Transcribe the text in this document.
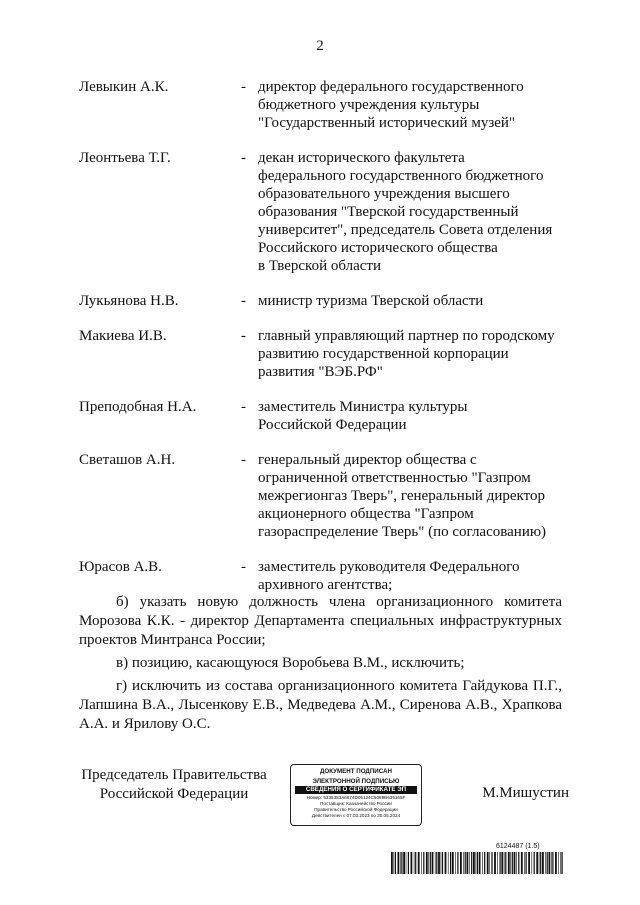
2
Левыкин А.К.	- директор федерального государственного
бюджетного учреждения культуры
"Государственный исторический музей"
Леонтьева Т.Г.	- декан исторического факультета
федерального государственного бюджетного
образовательного учреждения высшего
образования "Тверской государственный
университет", председатель Совета отделения
Российского исторического общества
в Тверской области
Лукьянова Н.В.	- министр туризма Тверской области
Макиева И.В.	- главный управляющий партнер по городскому
развитию государственной корпорации
развития "ВЭБ.РФ"
Преподобная Н.А.	- заместитель Министра культуры
Российской Федерации
Светашов А.Н.	- генеральный директор общества с
ограниченной ответственностью "Газпром
межрегионгаз Тверь", генеральный директор
акционерного общества "Газпром
газораспределение Тверь" (по согласованию)
Юрасов А.В.	- заместитель руководителя Федерального
архивного агентства;

б) указать новую должность члена организационного комитета Морозова К.К. - директор Департамента специальных инфраструктурных проектов Минтранса России;

в) позицию, касающуюся Воробьева В.М., исключить;

г) исключить из состава организационного комитета Гайдукова П.Г., Лапшина В.А., Лысенкову Е.В., Медведева А.М., Сиренова А.В., Храпкова А.А. и Ярилову О.С.

Председатель Правительства
Российской Федерации
ДОКУМЕНТ ПОДПИСАН
ЭЛЕКТРОННОЙ ПОДПИСЬЮ
СВЕДЕНИЯ О СЕРТИФИКАТЕ ЭП
Номер: 5335383A6874D05124C5089B635165F
Поставщик: Казначейство России
Правительство Российской Федерации
Действителен с 07.03.2023 по 30.05.2024
М.Мишустин
6124487 (1.5)
